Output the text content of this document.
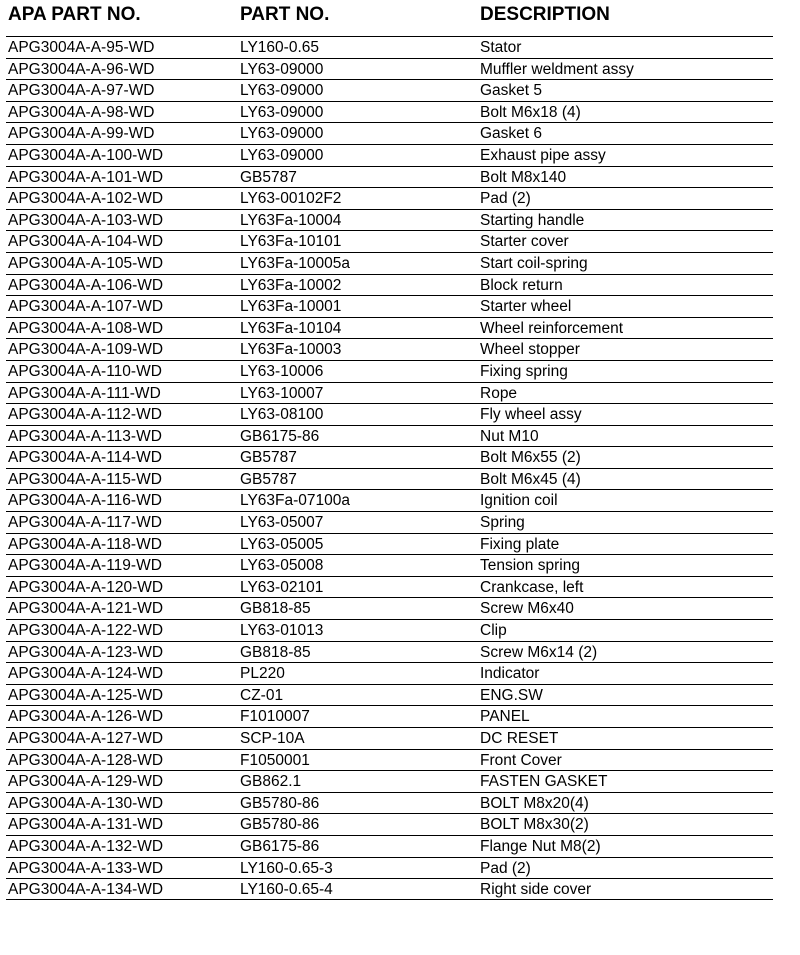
APA PART NO.	PART NO.	DESCRIPTION
APG3004A-A-95-WD	LY160-0.65	Stator
APG3004A-A-96-WD	LY63-09000	Muffler weldment assy
APG3004A-A-97-WD	LY63-09000	Gasket 5
APG3004A-A-98-WD	LY63-09000	Bolt M6x18 (4)
APG3004A-A-99-WD	LY63-09000	Gasket 6
APG3004A-A-100-WD	LY63-09000	Exhaust pipe assy
APG3004A-A-101-WD	GB5787	Bolt M8x140
APG3004A-A-102-WD	LY63-00102F2	Pad (2)
APG3004A-A-103-WD	LY63Fa-10004	Starting handle
APG3004A-A-104-WD	LY63Fa-10101	Starter cover
APG3004A-A-105-WD	LY63Fa-10005a	Start coil-spring
APG3004A-A-106-WD	LY63Fa-10002	Block return
APG3004A-A-107-WD	LY63Fa-10001	Starter wheel
APG3004A-A-108-WD	LY63Fa-10104	Wheel reinforcement
APG3004A-A-109-WD	LY63Fa-10003	Wheel stopper
APG3004A-A-110-WD	LY63-10006	Fixing spring
APG3004A-A-111-WD	LY63-10007	Rope
APG3004A-A-112-WD	LY63-08100	Fly wheel assy
APG3004A-A-113-WD	GB6175-86	Nut M10
APG3004A-A-114-WD	GB5787	Bolt M6x55 (2)
APG3004A-A-115-WD	GB5787	Bolt M6x45 (4)
APG3004A-A-116-WD	LY63Fa-07100a	Ignition coil
APG3004A-A-117-WD	LY63-05007	Spring
APG3004A-A-118-WD	LY63-05005	Fixing plate
APG3004A-A-119-WD	LY63-05008	Tension spring
APG3004A-A-120-WD	LY63-02101	Crankcase, left
APG3004A-A-121-WD	GB818-85	Screw M6x40
APG3004A-A-122-WD	LY63-01013	Clip
APG3004A-A-123-WD	GB818-85	Screw M6x14 (2)
APG3004A-A-124-WD	PL220	Indicator
APG3004A-A-125-WD	CZ-01	ENG.SW
APG3004A-A-126-WD	F1010007	PANEL
APG3004A-A-127-WD	SCP-10A	DC RESET
APG3004A-A-128-WD	F1050001	Front Cover
APG3004A-A-129-WD	GB862.1	FASTEN GASKET
APG3004A-A-130-WD	GB5780-86	BOLT M8x20(4)
APG3004A-A-131-WD	GB5780-86	BOLT M8x30(2)
APG3004A-A-132-WD	GB6175-86	Flange Nut M8(2)
APG3004A-A-133-WD	LY160-0.65-3	Pad (2)
APG3004A-A-134-WD	LY160-0.65-4	Right side cover
